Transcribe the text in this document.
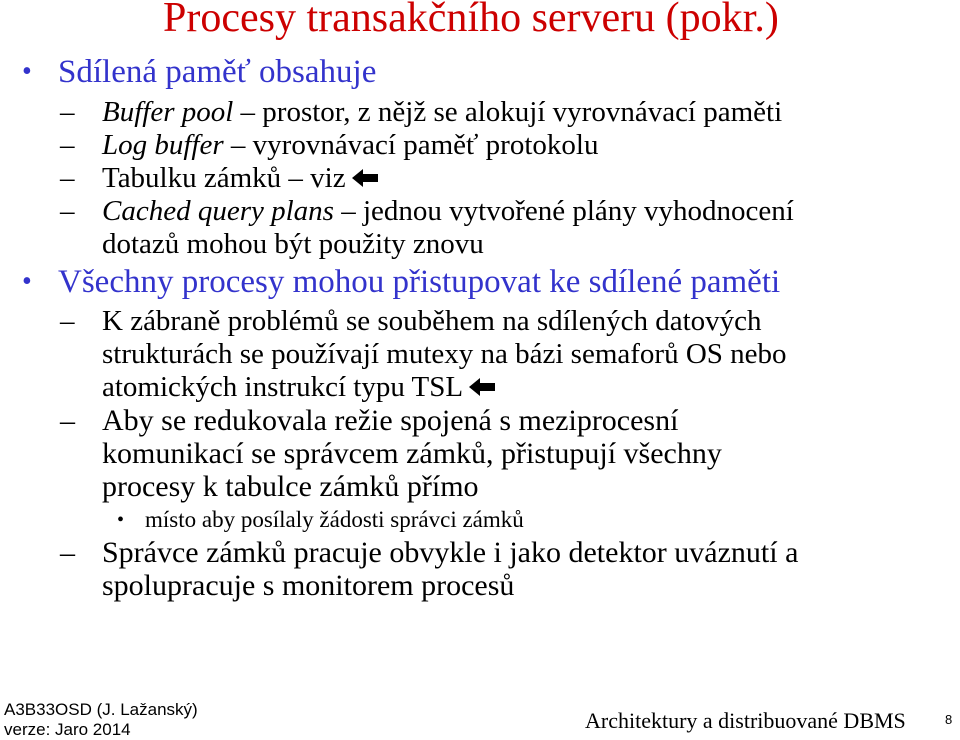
Procesy transakčního serveru (pokr.)
• Sdílená paměť obsahuje
– Buffer pool – prostor, z nějž se alokují vyrovnávací paměti
– Log buffer – vyrovnávací paměť protokolu
– Tabulku zámků – viz
– Cached query plans – jednou vytvořené plány vyhodnocení
dotazů mohou být použity znovu
• Všechny procesy mohou přistupovat ke sdílené paměti
– K zábraně problémů se souběhem na sdílených datových
strukturách se používají mutexy na bázi semaforů OS nebo
atomických instrukcí typu TSL
– Aby se redukovala režie spojená s meziprocesní
komunikací se správcem zámků, přistupují všechny
procesy k tabulce zámků přímo
• místo aby posílaly žádosti správci zámků
– Správce zámků pracuje obvykle i jako detektor uváznutí a
spolupracuje s monitorem procesů
A3B33OSD (J. Lažanský)
verze: Jaro 2014	Architektury a distribuované DBMS	8
